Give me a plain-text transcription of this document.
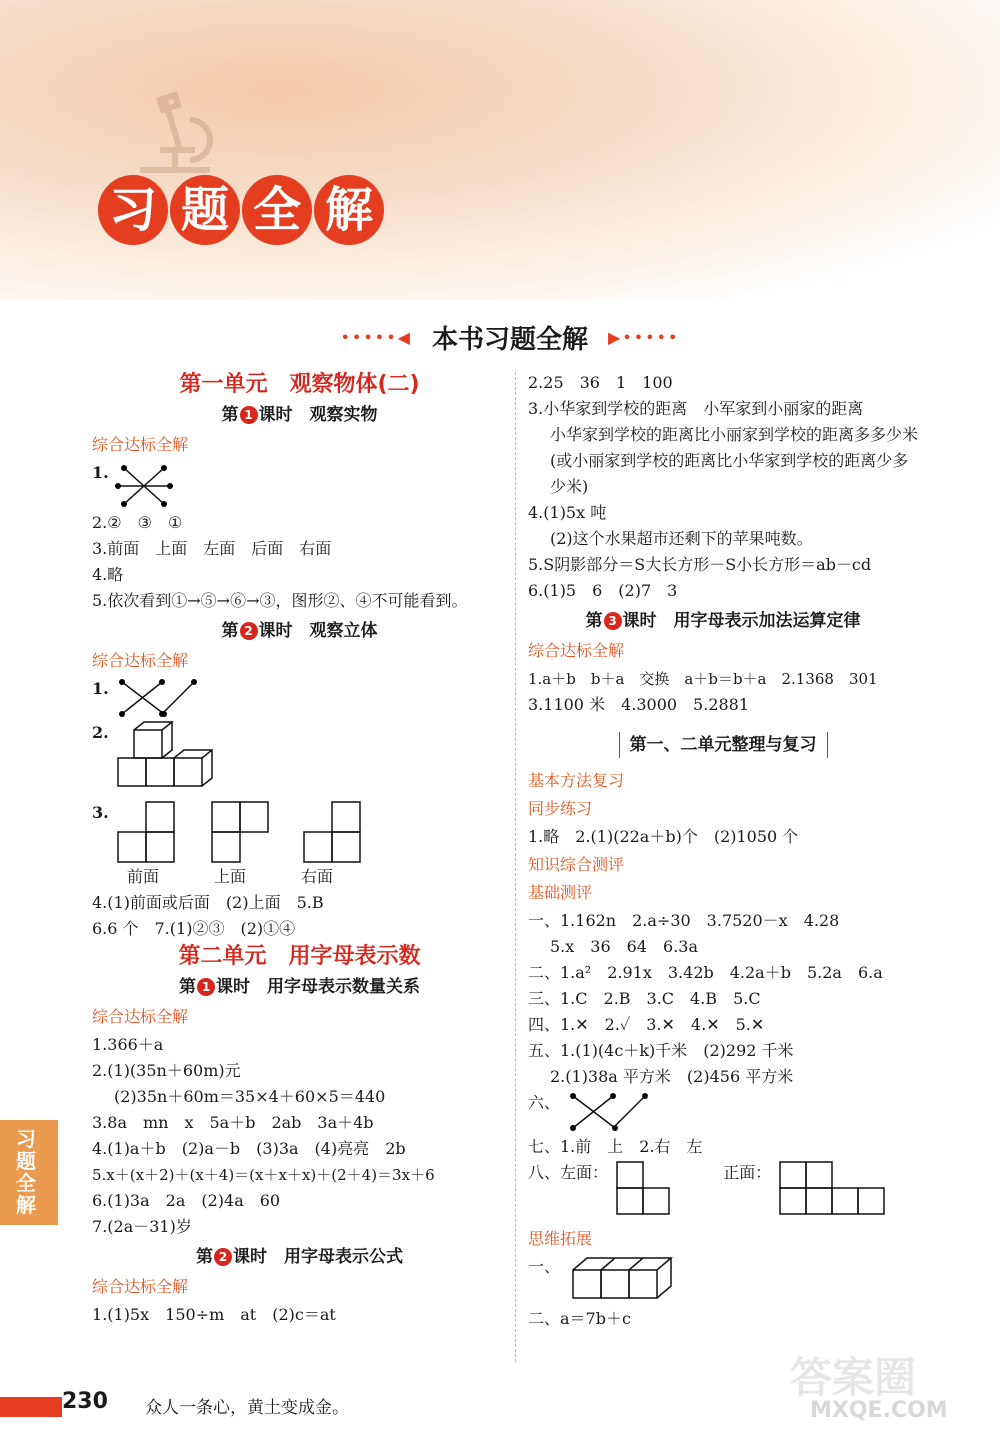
习 题 全 解
•••••◀ 本书习题全解 ▶•••••
第一单元　观察物体(二)
第 1 课时　观察实物
综合达标全解
1.
2.②　③　①
3.前面　上面　左面　后面　右面
4.略
5.依次看到①→⑤→⑥→③，图形②、④不可能看到。
第 2 课时　观察立体
综合达标全解
1.
2.
3.
前面	上面	右面
4.(1)前面或后面　(2)上面　5.B
6.6 个　7.(1)②③　(2)①④
第二单元　用字母表示数
第 1 课时　用字母表示数量关系
综合达标全解
1.366＋a
2.(1)(35n＋60m)元
(2)35n＋60m＝35×4＋60×5＝440
3.8a　mn　x　5a＋b　2ab　3a＋4b
4.(1)a＋b　(2)a－b　(3)3a　(4)亮亮　2b
5.x＋(x＋2)＋(x＋4)＝(x＋x＋x)＋(2＋4)＝3x＋6
6.(1)3a　2a　(2)4a　60
7.(2a－31)岁
第 2 课时　用字母表示公式
综合达标全解
1.(1)5x　150÷m　at　(2)c＝at
2.25　36　1　100
3.小华家到学校的距离　小军家到小丽家的距离
小华家到学校的距离比小丽家到学校的距离多多少米(或小丽家到学校的距离比小华家到学校的距离少多少米)
4.(1)5x 吨
(2)这个水果超市还剩下的苹果吨数。
5.S阴影部分＝S大长方形－S小长方形＝ab－cd
6.(1)5　6　(2)7　3
第 3 课时　用字母表示加法运算定律
综合达标全解
1.a＋b　b＋a　交换　a＋b＝b＋a　2.1368　301
3.1100 米　4.3000　5.2881
第一、二单元整理与复习
基本方法复习
同步练习
1.略　2.(1)(22a＋b)个　(2)1050 个
知识综合测评
基础测评
一、1.162n　2.a÷30　3.7520－x　4.28
5.x　36　64　6.3a
二、1.a²　2.91x　3.42b　4.2a＋b　5.2a　6.a
三、1.C　2.B　3.C　4.B　5.C
四、1.✕　2.✓　3.✕　4.✕　5.✕
五、1.(1)(4c＋k)千米　(2)292 千米
2.(1)38a 平方米　(2)456 平方米
六、
七、1.前　上　2.右　左
八、左面：	正面：
思维拓展
一、
二、a＝7b＋c
习题全解
230 众人一条心，黄土变成金。
答案圈
MXQE.COM
